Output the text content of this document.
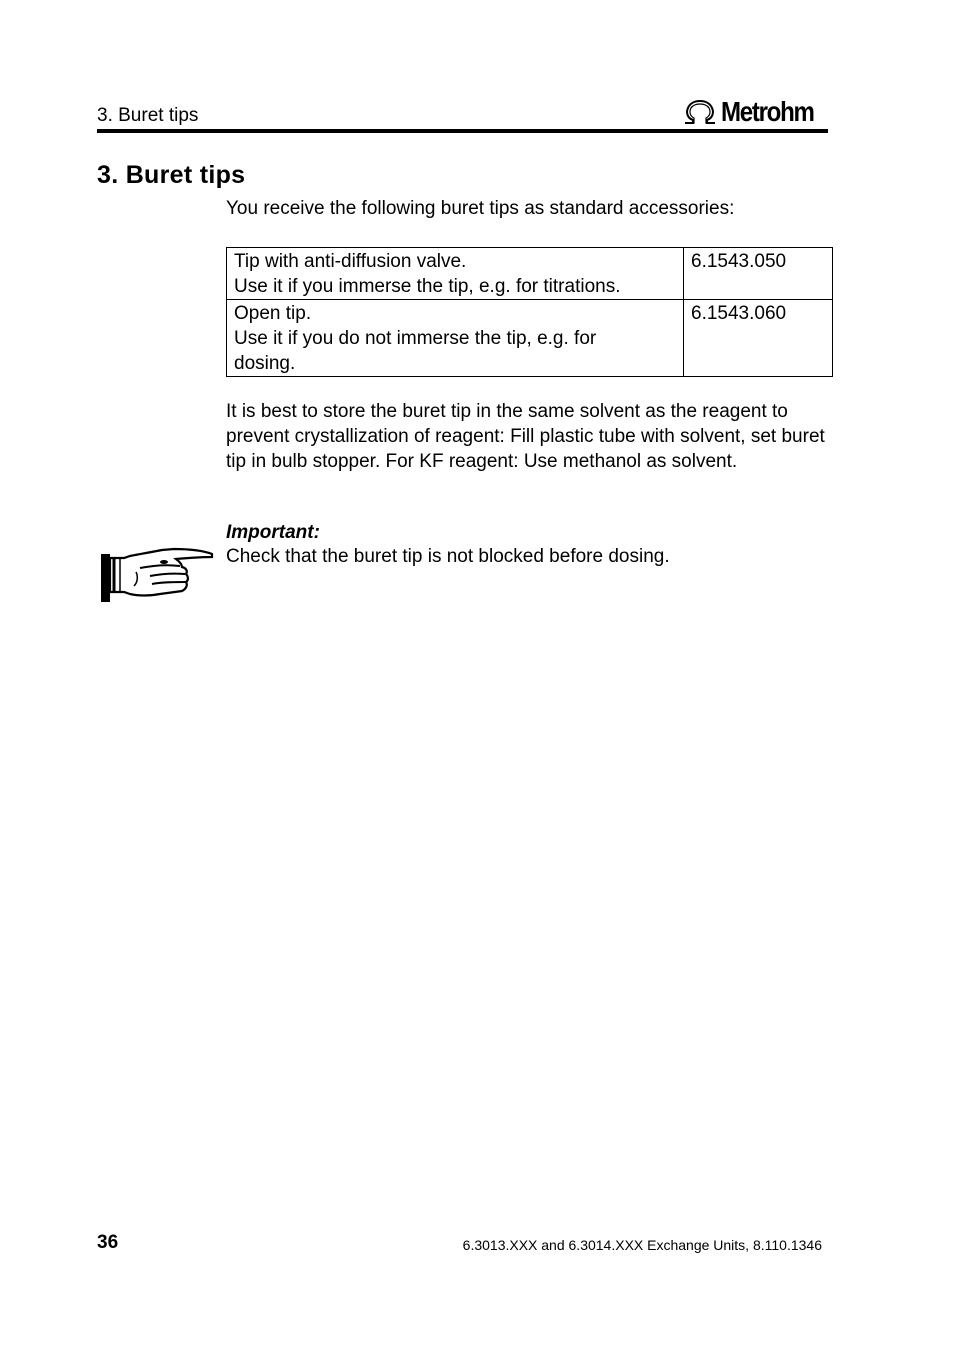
3. Buret tips	Metrohm
3. Buret tips
You receive the following buret tips as standard accessories:
Tip with anti-diffusion valve.
Use it if you immerse the tip, e.g. for titrations.	6.1543.050

Open tip.
Use it if you do not immerse the tip, e.g. for
dosing.	6.1543.060
It is best to store the buret tip in the same solvent as the reagent to prevent crystallization of reagent: Fill plastic tube with solvent, set buret tip in bulb stopper. For KF reagent: Use methanol as solvent.
Important:
Check that the buret tip is not blocked before dosing.
36	6.3013.XXX and 6.3014.XXX Exchange Units, 8.110.1346
